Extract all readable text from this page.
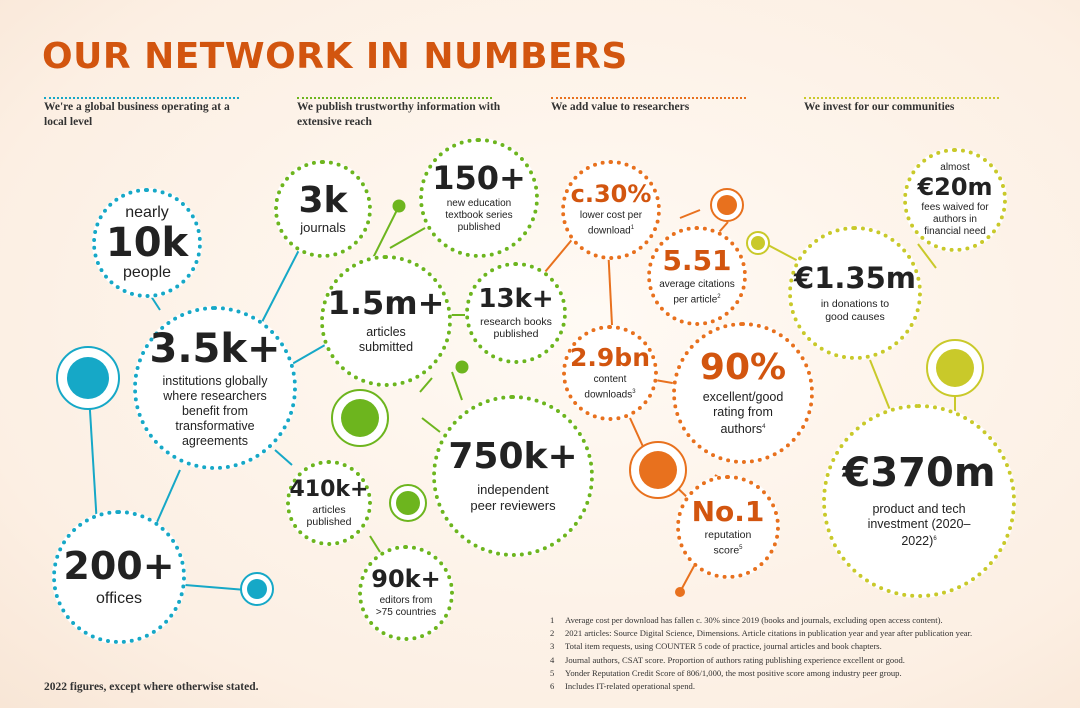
OUR NETWORK IN NUMBERS
We're a global business operating at a local level
We publish trustworthy information with extensive reach
We add value to researchers	We invest for our communities
nearly
10k
people
3.5k+
institutions globally where researchers benefit from transformative agreements
200+
offices
3k
journals
150+
new education textbook series published
1.5m+
articles submitted
13k+
research books published
750k+
independent peer reviewers
410k+
articles published
90k+
editors from >75 countries
c.30%
lower cost per download$^1$
5.51
average citations per article$^2$
2.9bn
content downloads$^3$
90%
excellent/good rating from authors$^4$
No.1
reputation score$^5$
almost
€20m
fees waived for authors in financial need
€1.35m
in donations to good causes
€370m
product and tech investment (2020–2022)$^6$
2022 figures, except where otherwise stated.
1 Average cost per download has fallen c. 30% since 2019 (books and journals, excluding open access content).
2 2021 articles: Source Digital Science, Dimensions. Article citations in publication year and year after publication year.
3 Total item requests, using COUNTER 5 code of practice, journal articles and book chapters.
4 Journal authors, CSAT score. Proportion of authors rating publishing experience excellent or good.
5 Yonder Reputation Credit Score of 806/1,000, the most positive score among industry peer group.
6 Includes IT-related operational spend.
